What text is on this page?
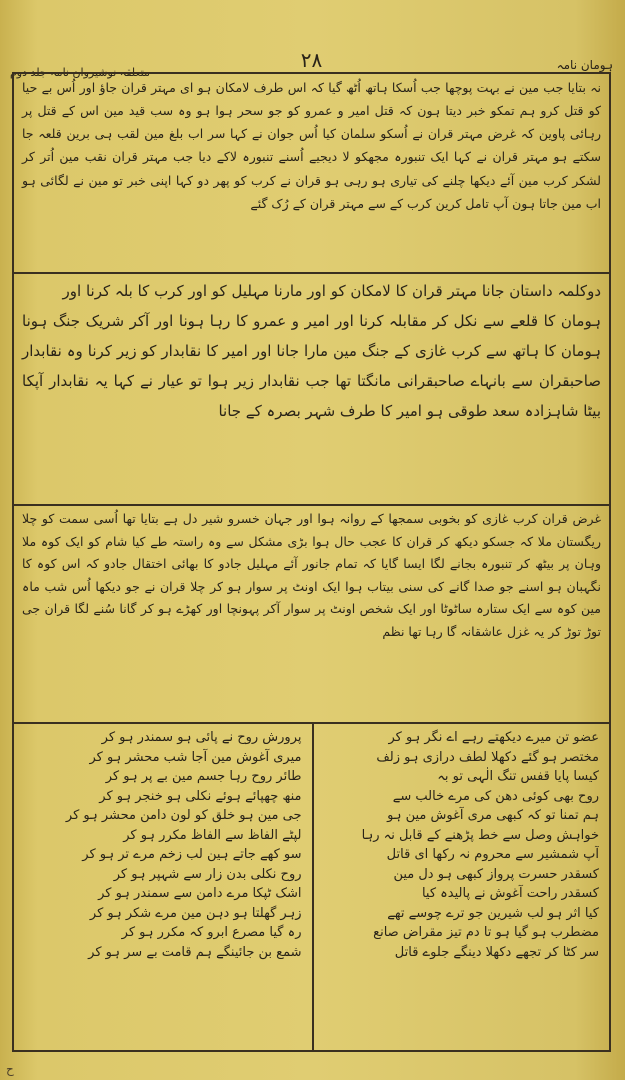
ہومان نامہ
۲۸
متعلقہ نوشیروان نامہ جلد دوم
نہ بتایا جب مین نے بہت پوچھا جب اُسکا ہاتھ اُٹھ گیا کہ اس طرف لامکان ہو ای مہتر قران جاؤ اور اُس بے حیا کو قتل کرو ہم تمکو خبر دیتا ہون کہ قتل امیر و عمرو کو جو سحر ہوا ہو وہ سب قید مین اس کے قتل پر رہائی پاوین کہ غرض مہتر قران نے اُسکو سلمان کیا اُس جوان نے کہا سر اب بلغ مین لقب ہی برین قلعہ جا سکتے ہو مہتر قران نے کہا ایک تنبورہ مجھکو لا دیجیے اُسنے تنبورہ لاکے دیا جب مہتر قران نقب مین اُتر کر لشکر کرب مین آئے دیکھا چلنے کی تیاری ہو رہی ہو قران نے کرب کو پھر دو کہا اپنی خبر تو مین نے لگائی ہو اب مین جاتا ہون آپ تامل کرین کرب کے سے مہتر قران کے رُک گئے
دوکلمہ داستان جانا مہتر قران کا لامکان کو اور مارنا مہلیل کو اور کرب کا بلہ کرنا اور
ہومان کا قلعے سے نکل کر مقابلہ کرنا اور امیر و عمرو کا رہا ہونا اور آکر شریک جنگ ہونا ہومان کا ہاتھ سے کرب غازی کے جنگ مین مارا جانا اور امیر کا نقابدار کو زیر کرنا وہ نقابدار صاحبقران سے بانہاے صاحبقرانی مانگتا تھا جب نقابدار زیر ہوا تو عیار نے کہا یہ نقابدار آپکا بیٹا شاہزادہ سعد طوقی ہو امیر کا طرف شہر بصرہ کے جانا
غرض قران کرب غازی کو بخوبی سمجھا کے روانہ ہوا اور جہان خسرو شیر دل ہے بتایا تھا اُسی سمت کو چلا ریگستان ملا کہ جسکو دیکھ کر قران کا عجب حال ہوا بڑی مشکل سے وہ راستہ طے کیا شام کو ایک کوہ ملا وہان پر بیٹھ کر تنبورہ بجانے لگا ایسا گایا کہ تمام جانور آئے مہلیل جادو کا بھائی اختقال جادو کہ اس کوہ کا نگہبان ہو اسنے جو صدا گانے کی سنی بیتاب ہوا ایک اونٹ پر سوار ہو کر چلا قران نے جو دیکھا اُس شب ماہ مین کوہ سے ایک ستارہ ساٹوٹا اور ایک شخص اونٹ پر سوار آکر پہونچا اور کھڑے ہو کر گانا سُنے لگا قران جی توڑ توڑ کر یہ غزل عاشقانہ گا رہا تھا نظم
عضو تن میرے دیکھتے رہے اے نگر ہو کر
مختصر ہو گئے دکھلا لطف درازی ہو زلف
کیسا پایا قفس تنگ الٰہی تو بہ
روح بھی کوئی دھن کی مرے خالب سے
ہم تمنا تو کہ کبھی مری آغوش مین ہو
خواہش وصل سے خط پڑھنے کے قابل نہ رہا
آپ شمشیر سے محروم نہ رکھا ای قاتل
کسقدر حسرت پرواز کبھی ہو دل مین
کسقدر راحت آغوش نے پالیدہ کیا
کیا اثر ہو لب شیرین جو ترے چوسے تھے
مضطرب ہو گیا ہو تا دم تیز مقراض صانع
سر کٹا کر تجھے دکھلا دینگے جلوے قاتل
پرورش روح نے پائی ہو سمندر ہو کر
میری آغوش مین آجا شب محشر ہو کر
طائر روح رہا جسم مین بے پر ہو کر
منھ چھپائے ہوئے نکلی ہو خنجر ہو کر
جی مین ہو خلق کو لون دامن محشر ہو کر
لپٹے الفاظ سے الفاظ مکرر ہو کر
سو کھے جاتے ہین لب زخم مرے تر ہو کر
روح نکلی بدن زار سے شہپر ہو کر
اشک ٹپکا مرے دامن سے سمندر ہو کر
زہر گھلتا ہو دہن مین مرے شکر ہو کر
رہ گیا مصرع ابرو کہ مکرر ہو کر
شمع بن جائینگے ہم قامت بے سر ہو کر
ح
